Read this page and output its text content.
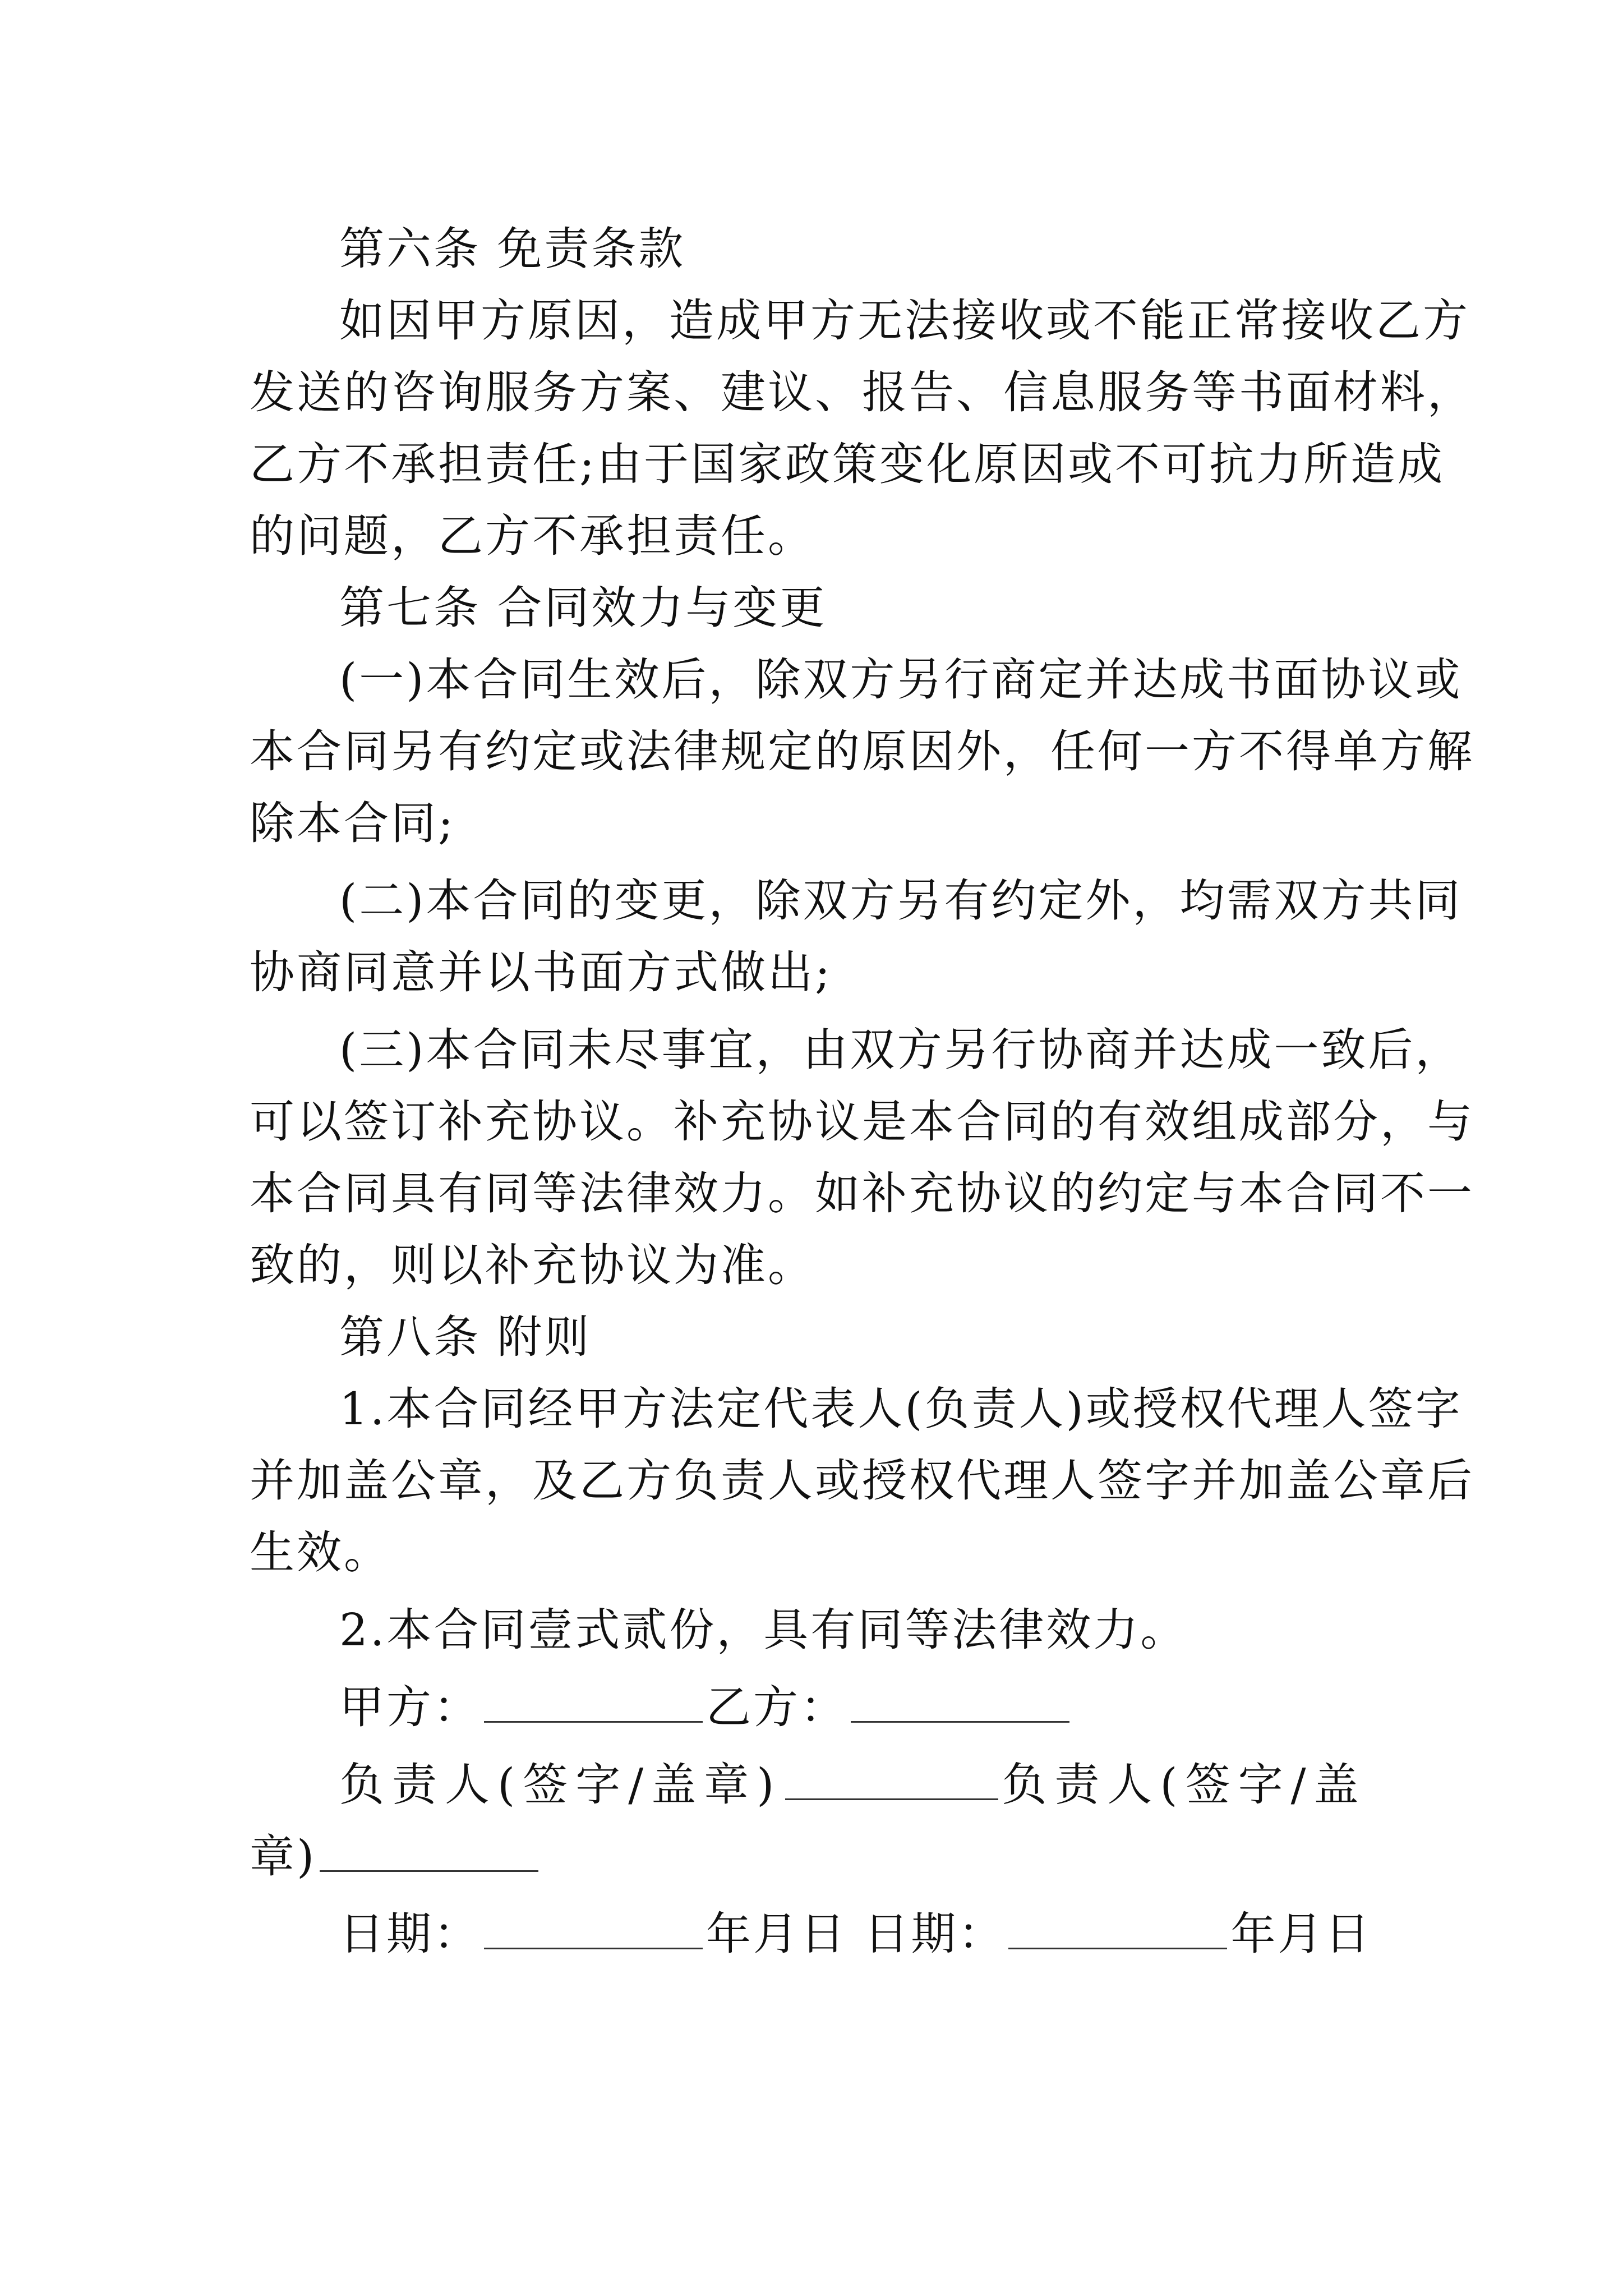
第六条 免责条款
如因甲方原因，造成甲方无法接收或不能正常接收乙方
发送的咨询服务方案、建议、报告、信息服务等书面材料，
乙方不承担责任;由于国家政策变化原因或不可抗力所造成
的问题，乙方不承担责任。
第七条 合同效力与变更
(一)本合同生效后，除双方另行商定并达成书面协议或
本合同另有约定或法律规定的原因外，任何一方不得单方解
除本合同;
(二)本合同的变更，除双方另有约定外，均需双方共同
协商同意并以书面方式做出;
(三)本合同未尽事宜，由双方另行协商并达成一致后，
可以签订补充协议。补充协议是本合同的有效组成部分，与
本合同具有同等法律效力。如补充协议的约定与本合同不一
致的，则以补充协议为准。
第八条 附则
1.本合同经甲方法定代表人(负责人)或授权代理人签字
并加盖公章，及乙方负责人或授权代理人签字并加盖公章后
生效。
2.本合同壹式贰份，具有同等法律效力。
甲方：	乙方：
负责人(签字/盖章)	负责人(签字/盖
章)
日期：	年月日 日期：	年月日
